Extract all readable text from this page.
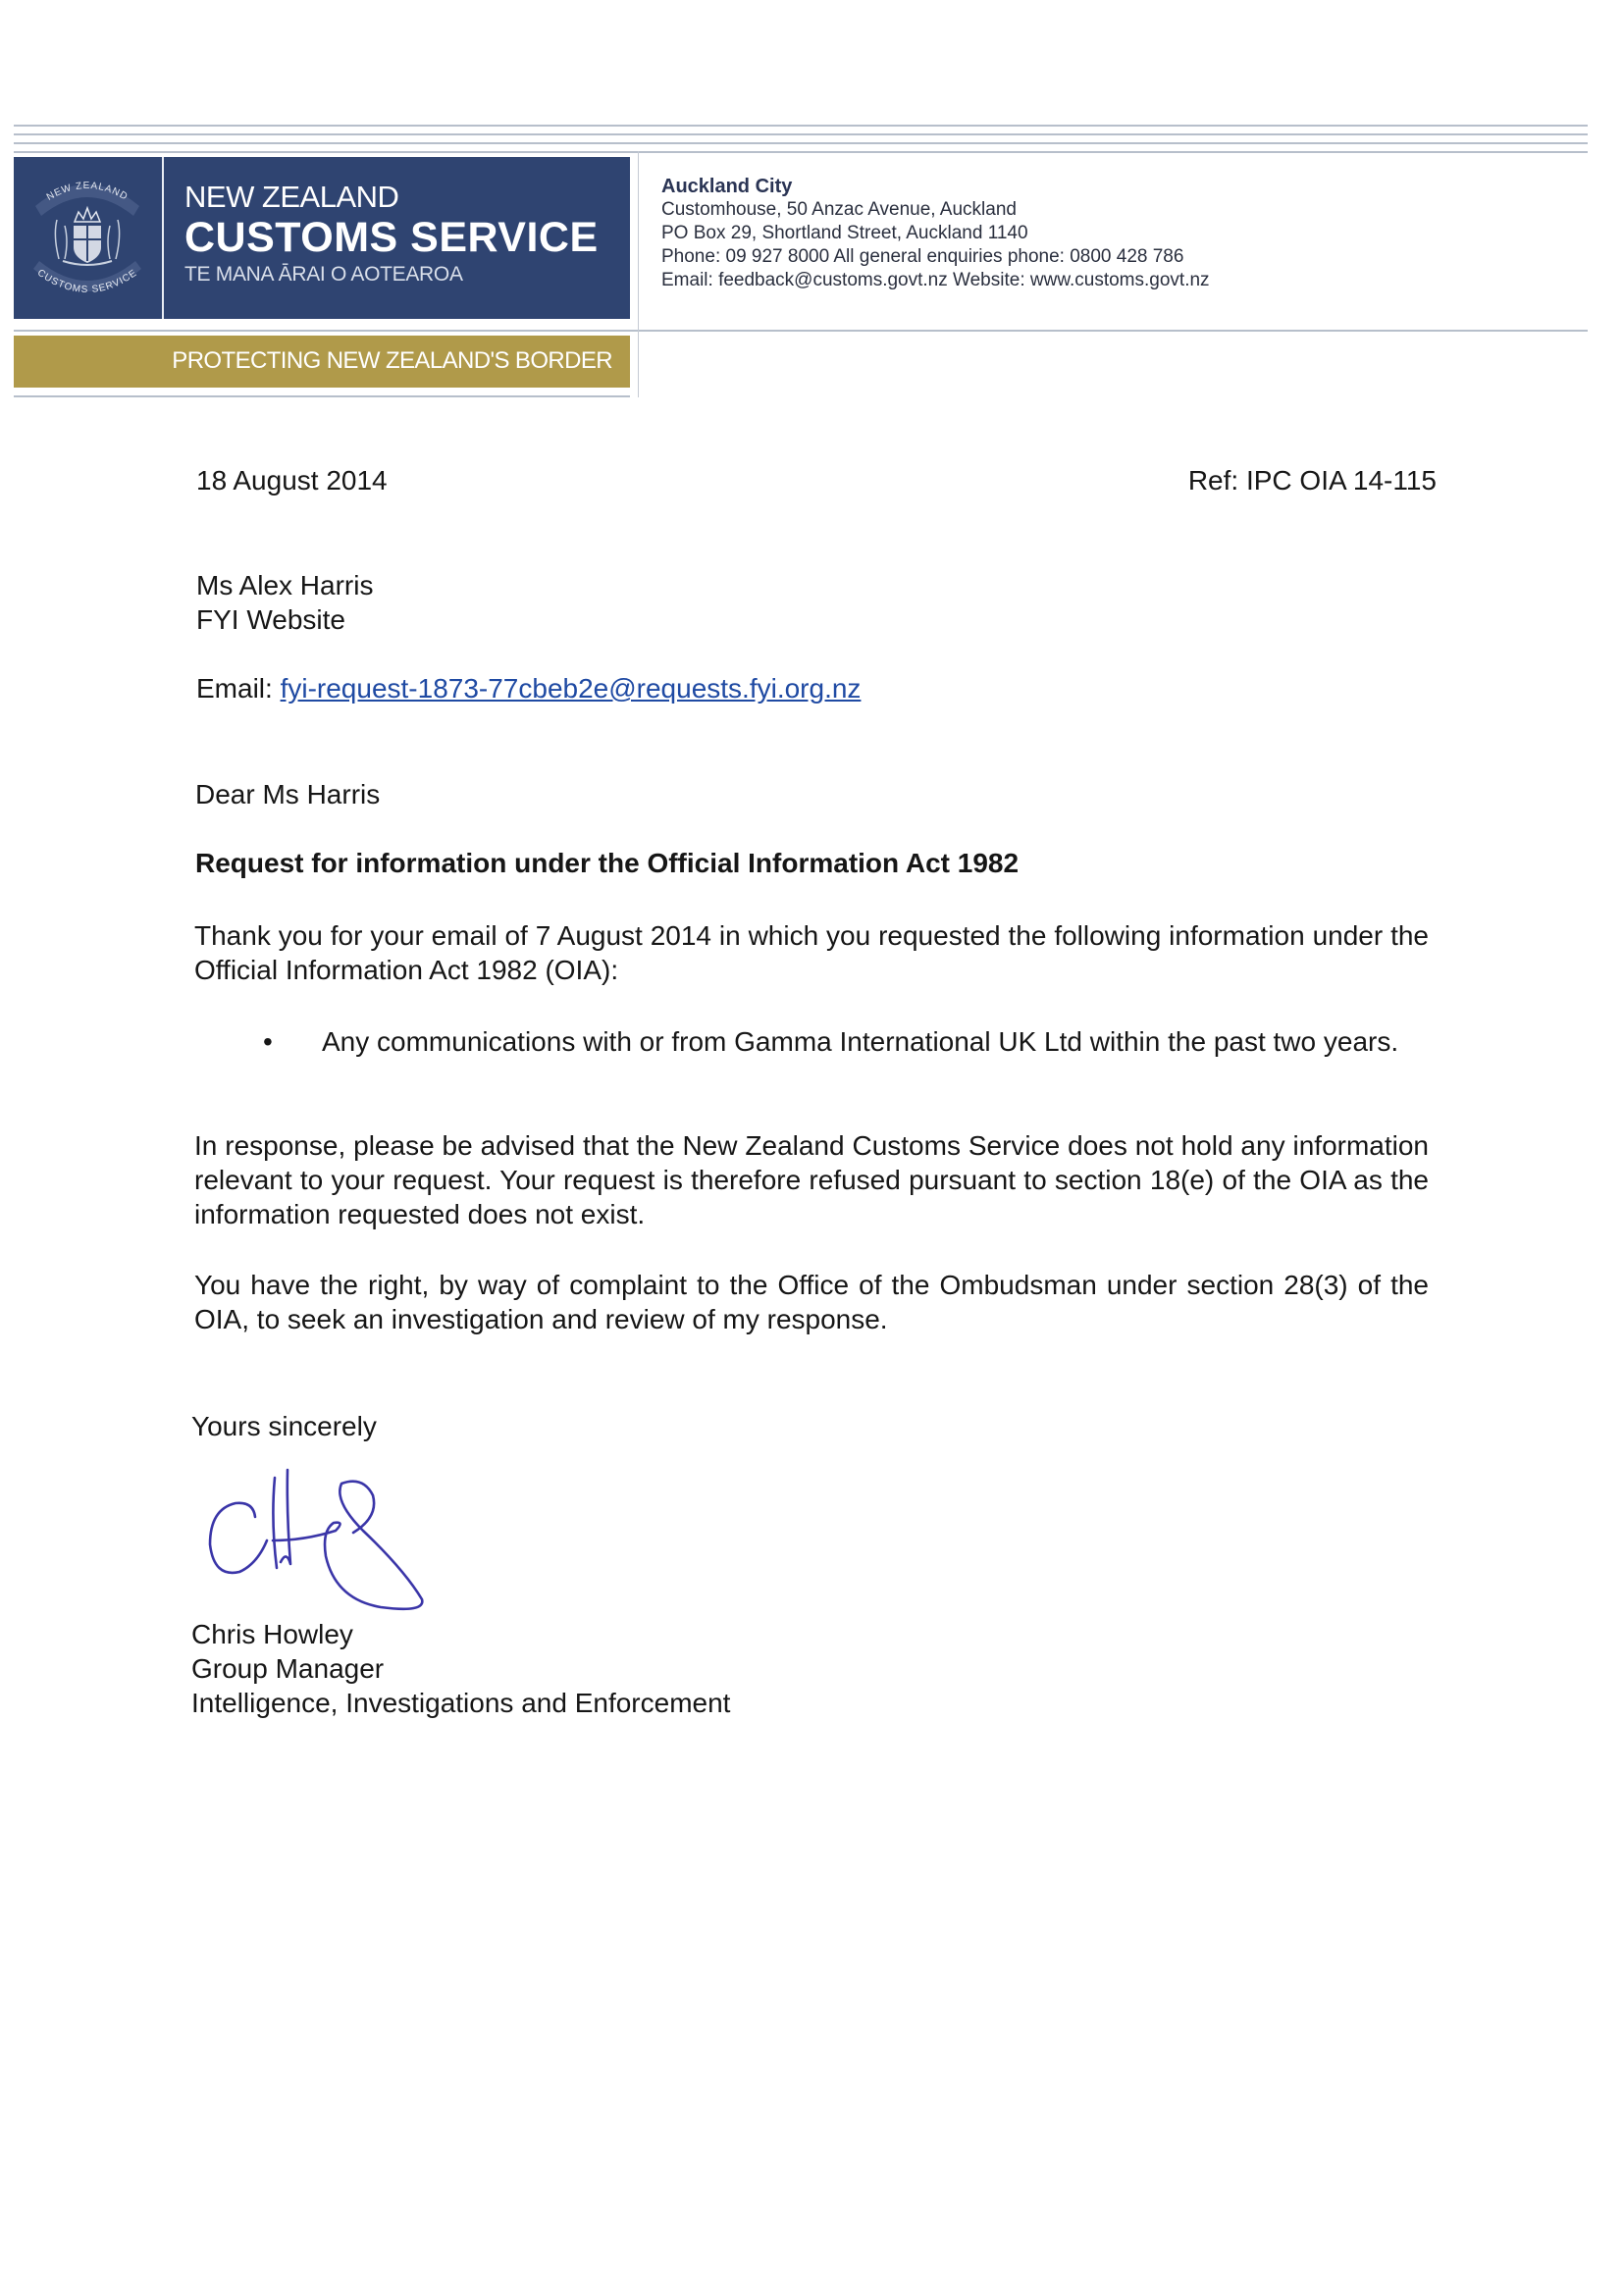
NEW ZEALAND
CUSTOMS SERVICE
NEW ZEALAND
CUSTOMS SERVICE
TE MANA ĀRAI O AOTEAROA
PROTECTING NEW ZEALAND'S BORDER
Auckland City
Customhouse, 50 Anzac Avenue, Auckland
PO Box 29, Shortland Street, Auckland 1140
Phone: 09 927 8000 All general enquiries phone: 0800 428 786
Email: feedback@customs.govt.nz Website: www.customs.govt.nz
18 August 2014	Ref: IPC OIA 14-115
Ms Alex Harris
FYI Website
Email: fyi-request-1873-77cbeb2e@requests.fyi.org.nz
Dear Ms Harris
Request for information under the Official Information Act 1982
Thank you for your email of 7 August 2014 in which you requested the following information under the Official Information Act 1982 (OIA):
• Any communications with or from Gamma International UK Ltd within the past two years.
In response, please be advised that the New Zealand Customs Service does not hold any information relevant to your request. Your request is therefore refused pursuant to section 18(e) of the OIA as the information requested does not exist.
You have the right, by way of complaint to the Office of the Ombudsman under section 28(3) of the OIA, to seek an investigation and review of my response.
Yours sincerely
Chris Howley
Group Manager
Intelligence, Investigations and Enforcement
